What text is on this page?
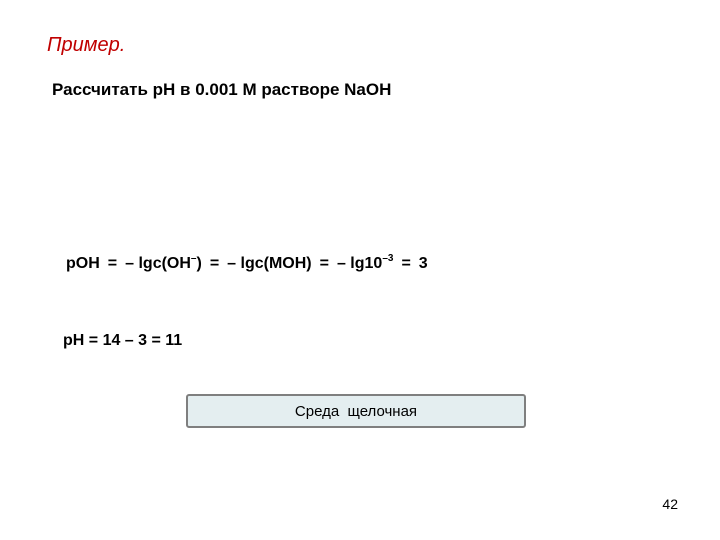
Пример.
Рассчитать pH в 0.001 М растворе NaOH
pOH = – lgc(OH–) = – lgc(MOH) = – $\lg 10^{-3} = 3$
pH = 14 – 3 = 11
Среда  щелочная
42
